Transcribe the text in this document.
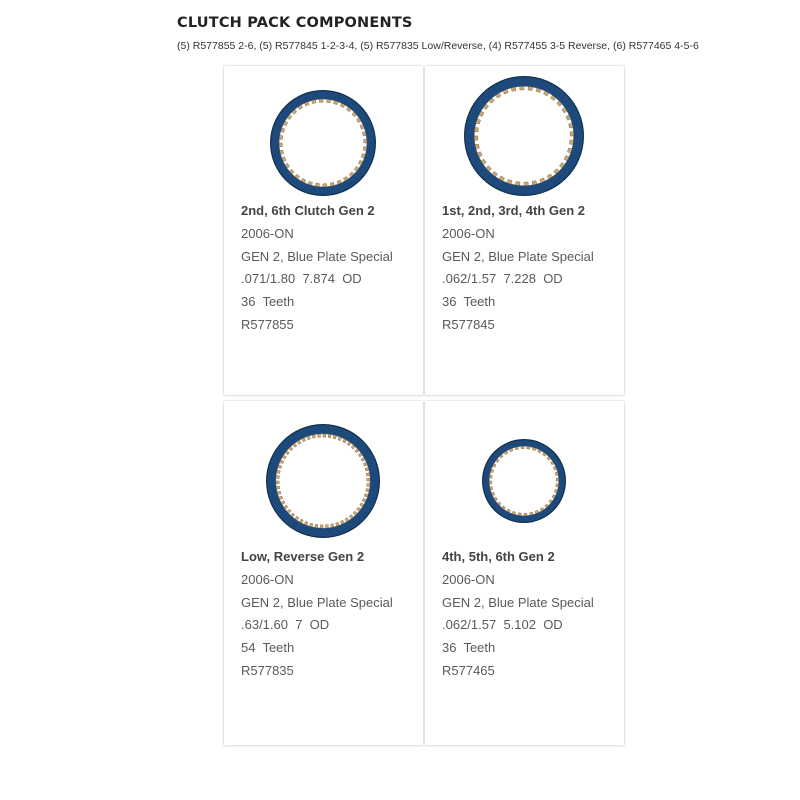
CLUTCH PACK COMPONENTS
(5) R577855 2-6, (5) R577845 1-2-3-4, (5) R577835 Low/Reverse, (4) R577455 3-5 Reverse, (6) R577465 4-5-6
2nd, 6th Clutch Gen 2
2006-ON
GEN 2, Blue Plate Special
.071/1.80  7.874  OD
36  Teeth
R577855
1st, 2nd, 3rd, 4th Gen 2
2006-ON
GEN 2, Blue Plate Special
.062/1.57  7.228  OD
36  Teeth
R577845
Low, Reverse Gen 2
2006-ON
GEN 2, Blue Plate Special
.63/1.60  7  OD
54  Teeth
R577835
4th, 5th, 6th Gen 2
2006-ON
GEN 2, Blue Plate Special
.062/1.57  5.102  OD
36  Teeth
R577465
